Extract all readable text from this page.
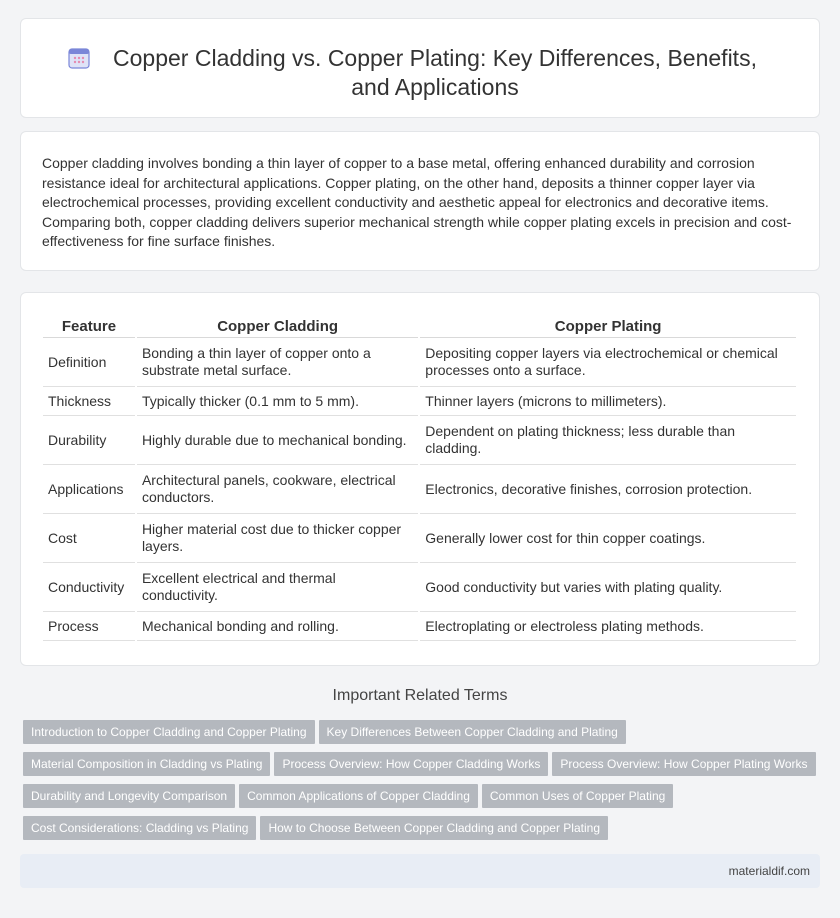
Copper Cladding vs. Copper Plating: Key Differences, Benefits, and Applications

Copper cladding involves bonding a thin layer of copper to a base metal, offering enhanced durability and corrosion resistance ideal for architectural applications. Copper plating, on the other hand, deposits a thinner copper layer via electrochemical processes, providing excellent conductivity and aesthetic appeal for electronics and decorative items. Comparing both, copper cladding delivers superior mechanical strength while copper plating excels in precision and cost-effectiveness for fine surface finishes.

Feature	Copper Cladding	Copper Plating
Definition	Bonding a thin layer of copper onto a substrate metal surface.	Depositing copper layers via electrochemical or chemical processes onto a surface.
Thickness	Typically thicker (0.1 mm to 5 mm).	Thinner layers (microns to millimeters).
Durability	Highly durable due to mechanical bonding.	Dependent on plating thickness; less durable than cladding.
Applications	Architectural panels, cookware, electrical conductors.	Electronics, decorative finishes, corrosion protection.
Cost	Higher material cost due to thicker copper layers.	Generally lower cost for thin copper coatings.
Conductivity	Excellent electrical and thermal conductivity.	Good conductivity but varies with plating quality.
Process	Mechanical bonding and rolling.	Electroplating or electroless plating methods.
Important Related Terms
Introduction to Copper Cladding and Copper Plating Key Differences Between Copper Cladding and Plating
Material Composition in Cladding vs Plating Process Overview: How Copper Cladding Works Process Overview: How Copper Plating Works
Durability and Longevity Comparison Common Applications of Copper Cladding Common Uses of Copper Plating
Cost Considerations: Cladding vs Plating How to Choose Between Copper Cladding and Copper Plating
materialdif.com
